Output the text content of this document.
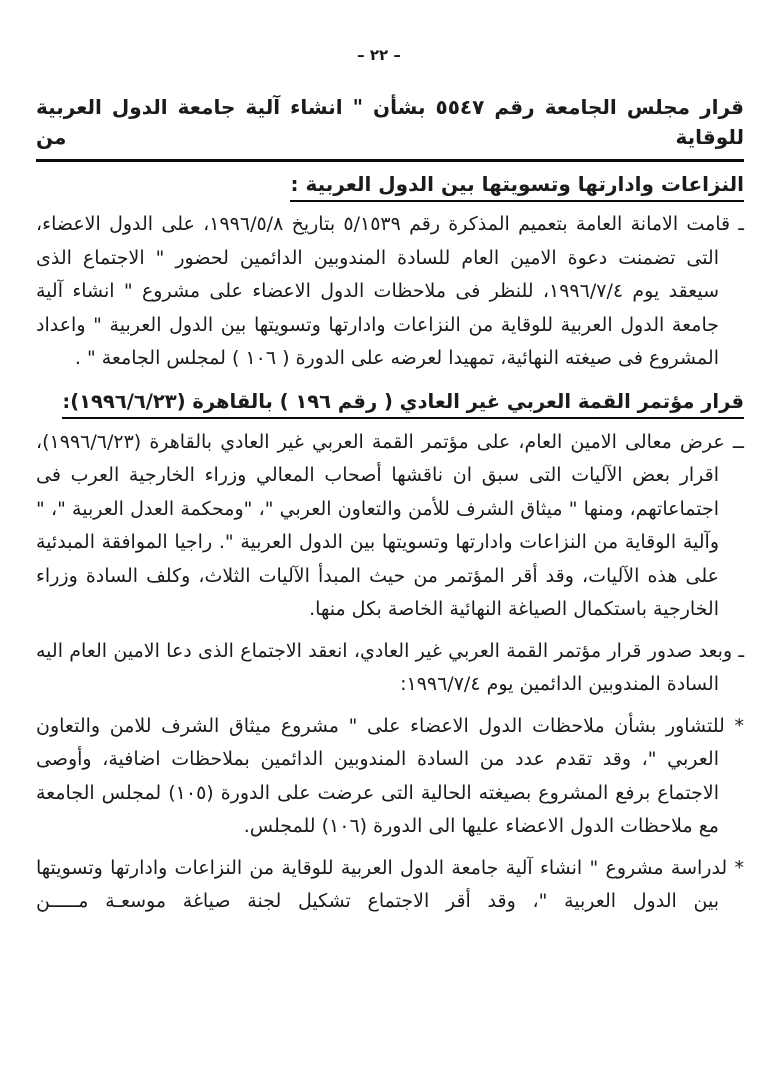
– ٢٢ –
قرار مجلس الجامعة رقم ٥٥٤٧ بشأن " انشاء آلية جامعة الدول العربية للوقاية من
النزاعات وادارتها وتسويتها بين الدول العربية :
ـ قامت الامانة العامة بتعميم المذكرة رقم ٥/١٥٣٩ بتاريخ ١٩٩٦/٥/٨، على الدول الاعضاء، التى تضمنت دعوة الامين العام للسادة المندوبين الدائمين لحضور " الاجتماع الذى سيعقد يوم ١٩٩٦/٧/٤، للنظر فى ملاحظات الدول الاعضاء على مشروع " انشاء آلية جامعة الدول العربية للوقاية من النزاعات وادارتها وتسويتها بين الدول العربية " واعداد المشروع فى صيغته النهائية، تمهيدا لعرضه على الدورة ( ١٠٦ ) لمجلس الجامعة " .
قرار مؤتمر القمة العربي غير العادي ( رقم ١٩٦ ) بالقاهرة (١٩٩٦/٦/٢٣):
ــ عرض معالى الامين العام، على مؤتمر القمة العربي غير العادي بالقاهرة (١٩٩٦/٦/٢٣)، اقرار بعض الآليات التى سبق ان ناقشها أصحاب المعالي وزراء الخارجية العرب فى اجتماعاتهم، ومنها " ميثاق الشرف للأمن والتعاون العربي "، "ومحكمة العدل العربية "، " وآلية الوقاية من النزاعات وادارتها وتسويتها بين الدول العربية ". راجيا الموافقة المبدئية على هذه الآليات، وقد أقر المؤتمر من حيث المبدأ الآليات الثلاث، وكلف السادة وزراء الخارجية باستكمال الصياغة النهائية الخاصة بكل منها.
ـ وبعد صدور قرار مؤتمر القمة العربي غير العادي، انعقد الاجتماع الذى دعا الامين العام اليه السادة المندوبين الدائمين يوم ١٩٩٦/٧/٤:
* للتشاور بشأن ملاحظات الدول الاعضاء على " مشروع ميثاق الشرف للامن والتعاون العربي "، وقد تقدم عدد من السادة المندوبين الدائمين بملاحظات اضافية، وأوصى الاجتماع برفع المشروع بصيغته الحالية التى عرضت على الدورة (١٠٥) لمجلس الجامعة مع ملاحظات الدول الاعضاء عليها الى الدورة (١٠٦) للمجلس.
* لدراسة مشروع " انشاء آلية جامعة الدول العربية للوقاية من النزاعات وادارتها وتسويتها بين الدول العربية "، وقد أقر الاجتماع تشكيل لجنة صياغة موسعـة مـــــن
